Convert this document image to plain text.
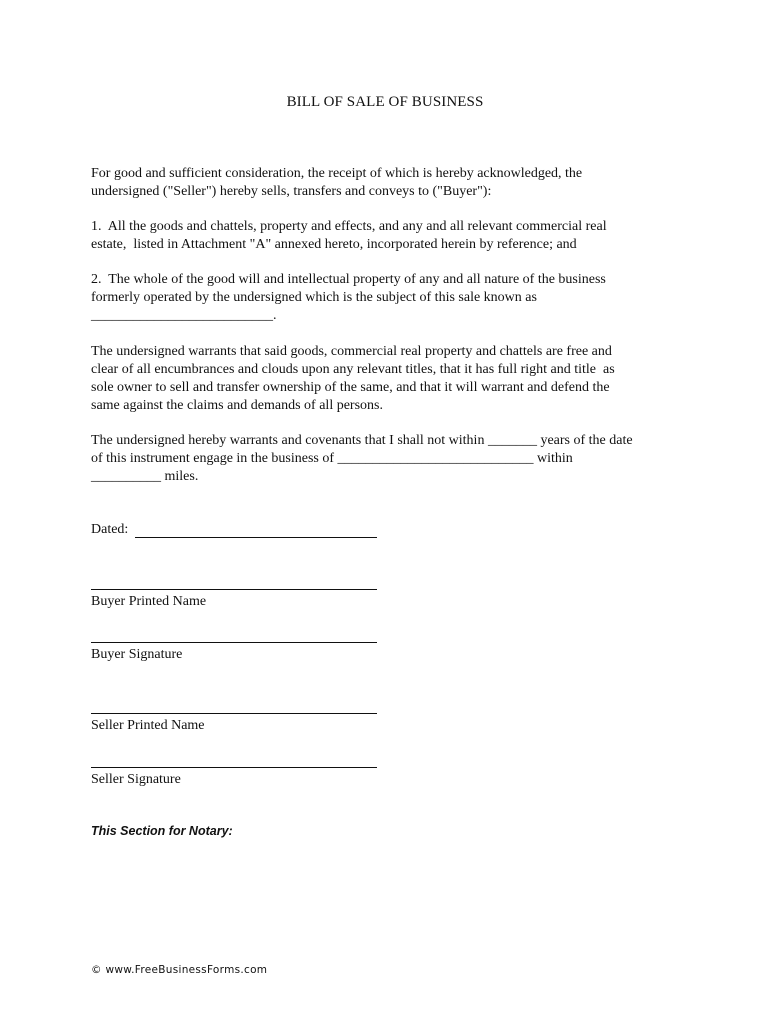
BILL OF SALE OF BUSINESS
For good and sufficient consideration, the receipt of which is hereby acknowledged, the
undersigned ("Seller") hereby sells, transfers and conveys to ("Buyer"):
1.  All the goods and chattels, property and effects, and any and all relevant commercial real
estate,  listed in Attachment "A" annexed hereto, incorporated herein by reference; and
2.  The whole of the good will and intellectual property of any and all nature of the business
formerly operated by the undersigned which is the subject of this sale known as
__________________________.
The undersigned warrants that said goods, commercial real property and chattels are free and
clear of all encumbrances and clouds upon any relevant titles, that it has full right and title  as
sole owner to sell and transfer ownership of the same, and that it will warrant and defend the
same against the claims and demands of all persons.
The undersigned hereby warrants and covenants that I shall not within _______ years of the date
of this instrument engage in the business of ____________________________ within
__________ miles.
Dated:
Buyer Printed Name
Buyer Signature
Seller Printed Name
Seller Signature
This Section for Notary:
© www.FreeBusinessForms.com
